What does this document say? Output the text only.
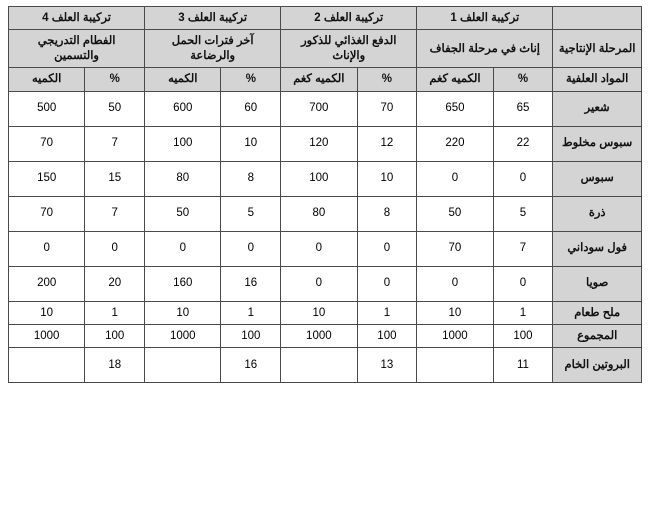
	تركيبة العلف 1		تركيبة العلف 2		تركيبة العلف 3		تركيبة العلف 4	
المرحلة الإنتاجية	إناث في مرحلة الجفاف		الدفع الغذائي للذكور والإناث		آخر فترات الحمل والرضاعة		الفطام التدريجي والتسمين	
المواد العلفية	%	الكميه كغم	%	الكميه كغم	%	الكميه	%	الكميه
شعير	65	650	70	700	60	600	50	500
سبوس مخلوط	22	220	12	120	10	100	7	70
سبوس	0	0	10	100	8	80	15	150
ذرة	5	50	8	80	5	50	7	70
فول سوداني	7	70	0	0	0	0	0	0
صويا	0	0	0	0	16	160	20	200
ملح طعام	1	10	1	10	1	10	1	10
المجموع	100	1000	100	1000	100	1000	100	1000
البروتين الخام	11		13		16		18	
